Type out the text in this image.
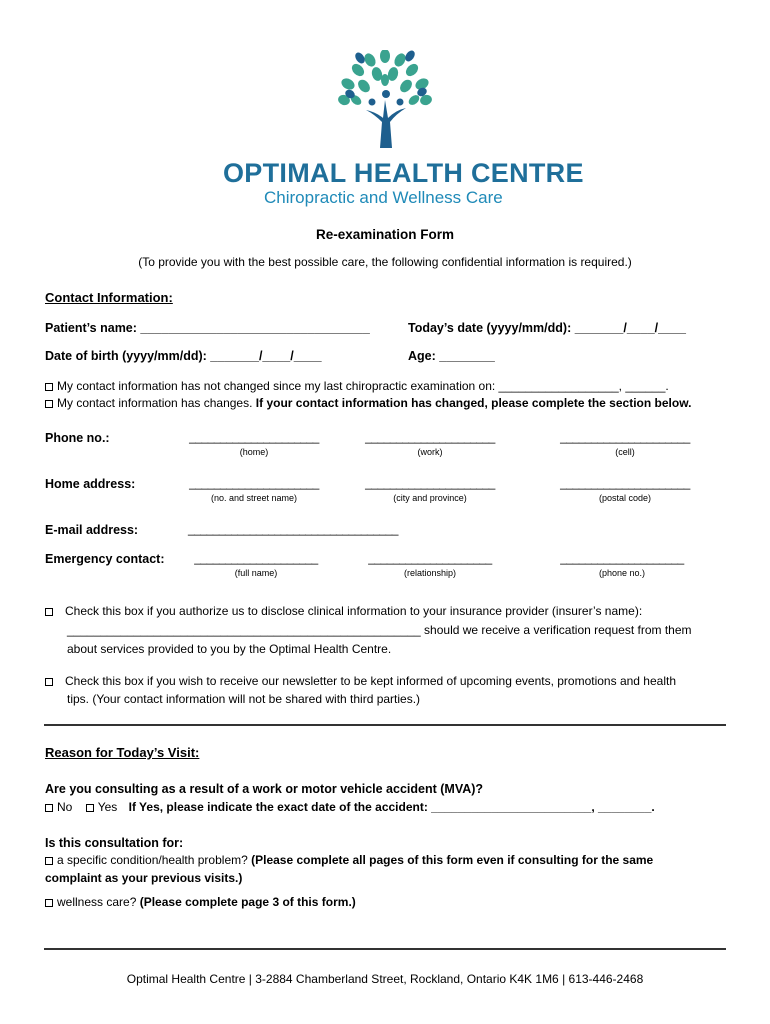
OPTIMAL HEALTH CENTRE
Chiropractic and Wellness Care
Re-examination Form
(To provide you with the best possible care, the following confidential information is required.)
Contact Information:
Patient’s name: _________________________________	Today’s date (yyyy/mm/dd): _______/____/____
Date of birth (yyyy/mm/dd): _______/____/____	Age: ________
My contact information has not changed since my last chiropractic examination on: __________________, ______.
My contact information has changes. If your contact information has changed, please complete the section below.
Phone no.:	_____________________
(home)
_____________________
(work)
_____________________
(cell)
Home address:	_____________________
(no. and street name)
_____________________
(city and province)
_____________________
(postal code)
E-mail address:	__________________________________
Emergency contact:	____________________
(full name)
____________________
(relationship)
____________________
(phone no.)
Check this box if you authorize us to disclose clinical information to your insurance provider (insurer’s name):
_____________________________________________________ should we receive a verification request from them
about services provided to you by the Optimal Health Centre.
Check this box if you wish to receive our newsletter to be kept informed of upcoming events, promotions and health
tips. (Your contact information will not be shared with third parties.)
Reason for Today’s Visit:
Are you consulting as a result of a work or motor vehicle accident (MVA)?
No Yes If Yes, please indicate the exact date of the accident: ________________________, ________.
Is this consultation for:
a specific condition/health problem? (Please complete all pages of this form even if consulting for the same
complaint as your previous visits.)
wellness care? (Please complete page 3 of this form.)
Optimal Health Centre | 3-2884 Chamberland Street, Rockland, Ontario K4K 1M6 | 613-446-2468
